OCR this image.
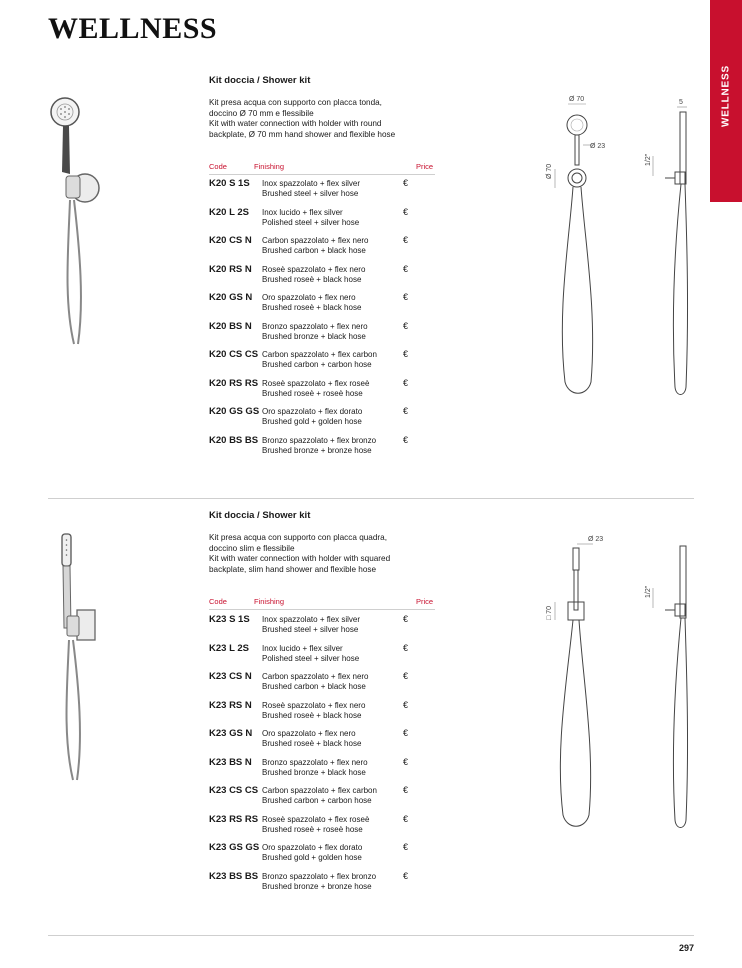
WELLNESS
WELLNESS
Kit doccia / Shower kit
Kit presa acqua con supporto con placca tonda,
doccino Ø 70 mm e flessibile
Kit with water connection with holder with round
backplate, Ø 70 mm hand shower and flexible hose
Code	Finishing	Price
K20 S 1S Inox spazzolato + flex silver
Brushed steel + silver hose
€
K20 L 2S Inox lucido + flex silver
Polished steel + silver hose
€
K20 CS N Carbon spazzolato + flex nero
Brushed carbon + black hose
€
K20 RS N Roseè spazzolato + flex nero
Brushed roseè + black hose
€
K20 GS N Oro spazzolato + flex nero
Brushed roseè + black hose
€
K20 BS N Bronzo spazzolato + flex nero
Brushed bronze + black hose
€
K20 CS CS Carbon spazzolato + flex carbon
Brushed carbon + carbon hose
€
K20 RS RS Roseè spazzolato + flex roseè
Brushed roseè + roseè hose
€
K20 GS GS Oro spazzolato + flex dorato
Brushed gold + golden hose
€
K20 BS BS Bronzo spazzolato + flex bronzo
Brushed bronze + bronze hose
€
Ø 70
Ø 23
Ø 70
5
1/2"
Kit doccia / Shower kit
Kit presa acqua con supporto con placca quadra,
doccino slim e flessibile
Kit with water connection with holder with squared
backplate, slim hand shower and flexible hose
Code	Finishing	Price
K23 S 1S Inox spazzolato + flex silver
Brushed steel + silver hose
€
K23 L 2S Inox lucido + flex silver
Polished steel + silver hose
€
K23 CS N Carbon spazzolato + flex nero
Brushed carbon + black hose
€
K23 RS N Roseè spazzolato + flex nero
Brushed roseè + black hose
€
K23 GS N Oro spazzolato + flex nero
Brushed roseè + black hose
€
K23 BS N Bronzo spazzolato + flex nero
Brushed bronze + black hose
€
K23 CS CS Carbon spazzolato + flex carbon
Brushed carbon + carbon hose
€
K23 RS RS Roseè spazzolato + flex roseè
Brushed roseè + roseè hose
€
K23 GS GS Oro spazzolato + flex dorato
Brushed gold + golden hose
€
K23 BS BS Bronzo spazzolato + flex bronzo
Brushed bronze + bronze hose
€
Ø 23
□ 70
1/2"
297
